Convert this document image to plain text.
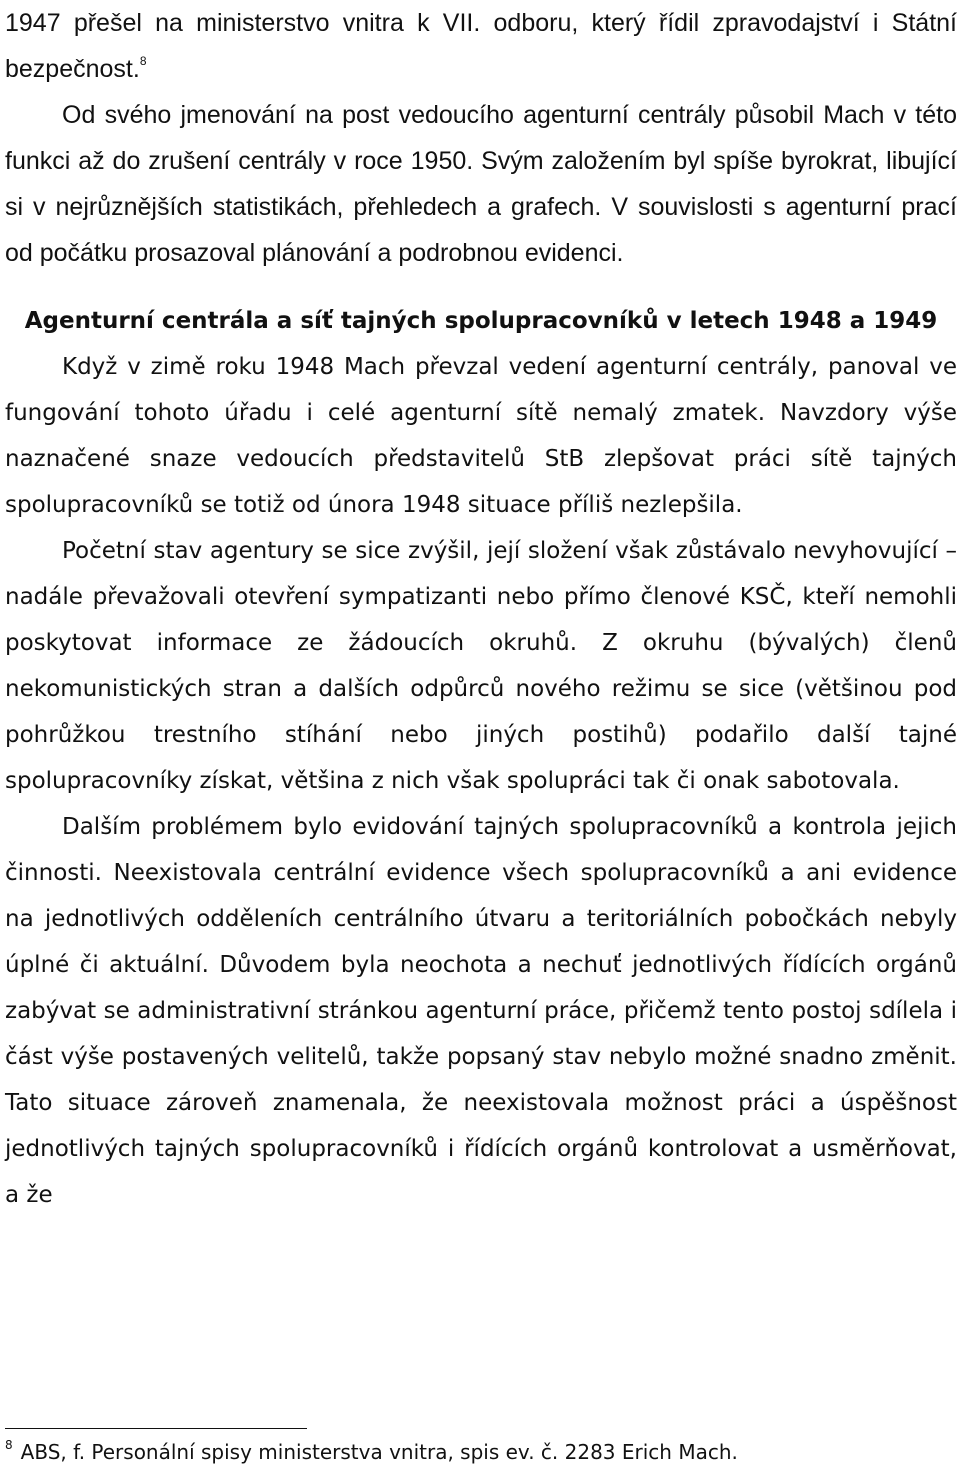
1947 přešel na ministerstvo vnitra k VII. odboru, který řídil zpravodajství i Státní bezpečnost.$^8$

Od svého jmenování na post vedoucího agenturní centrály působil Mach v této funkci až do zrušení centrály v roce 1950. Svým založením byl spíše byrokrat, libující si v nejrůznějších statistikách, přehledech a grafech. V souvislosti s agenturní prací od počátku prosazoval plánování a podrobnou evidenci.

Agenturní centrála a síť tajných spolupracovníků v letech 1948 a 1949

Když v zimě roku 1948 Mach převzal vedení agenturní centrály, panoval ve fungování tohoto úřadu i celé agenturní sítě nemalý zmatek. Navzdory výše naznačené snaze vedoucích představitelů StB zlepšovat práci sítě tajných spolupracovníků se totiž od února 1948 situace příliš nezlepšila.

Početní stav agentury se sice zvýšil, její složení však zůstávalo nevyhovující – nadále převažovali otevření sympatizanti nebo přímo členové KSČ, kteří nemohli poskytovat informace ze žádoucích okruhů. Z okruhu (bývalých) členů nekomunistických stran a dalších odpůrců nového režimu se sice (většinou pod pohrůžkou trestního stíhání nebo jiných postihů) podařilo další tajné spolupracovníky získat, většina z nich však spolupráci tak či onak sabotovala.

Dalším problémem bylo evidování tajných spolupracovníků a kontrola jejich činnosti. Neexistovala centrální evidence všech spolupracovníků a ani evidence na jednotlivých odděleních centrálního útvaru a teritoriálních pobočkách nebyly úplné či aktuální. Důvodem byla neochota a nechuť jednotlivých řídících orgánů zabývat se administrativní stránkou agenturní práce, přičemž tento postoj sdílela i část výše postavených velitelů, takže popsaný stav nebylo možné snadno změnit. Tato situace zároveň znamenala, že neexistovala možnost práci a úspěšnost jednotlivých tajných spolupracovníků i řídících orgánů kontrolovat a usměrňovat, a že

$^8$ ABS, f. Personální spisy ministerstva vnitra, spis ev. č. 2283 Erich Mach.
